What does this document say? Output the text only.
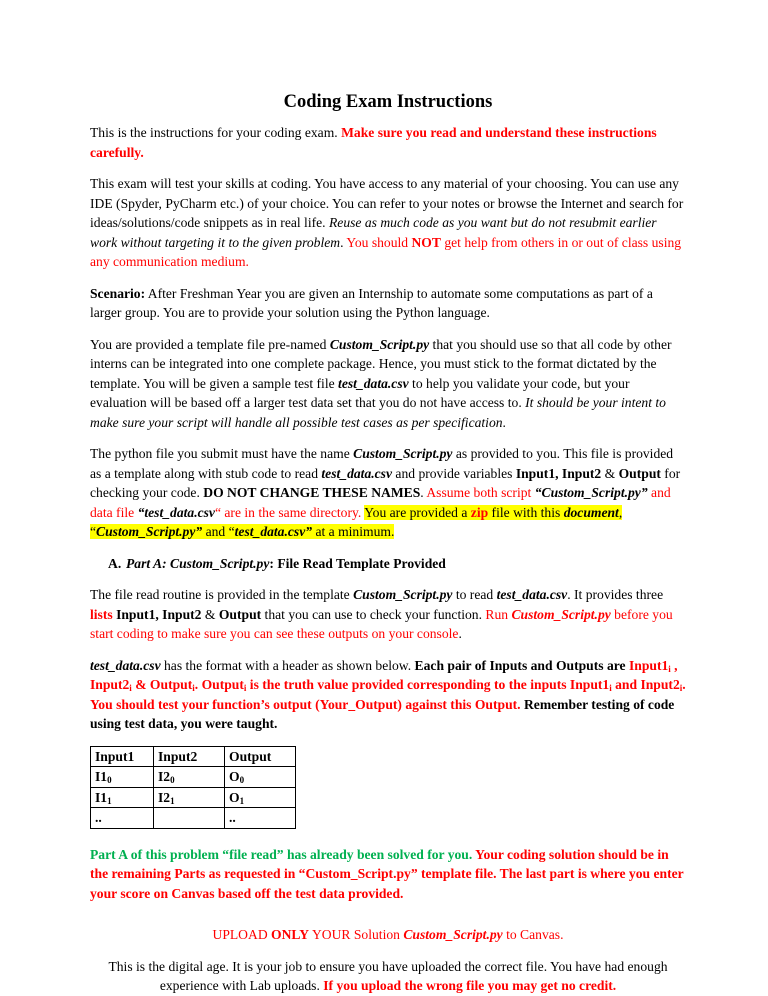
Coding Exam Instructions

This is the instructions for your coding exam. Make sure you read and understand these instructions carefully.

This exam will test your skills at coding. You have access to any material of your choosing. You can use any IDE (Spyder, PyCharm etc.) of your choice. You can refer to your notes or browse the Internet and search for ideas/solutions/code snippets as in real life. Reuse as much code as you want but do not resubmit earlier work without targeting it to the given problem. You should NOT get help from others in or out of class using any communication medium.

Scenario: After Freshman Year you are given an Internship to automate some computations as part of a larger group. You are to provide your solution using the Python language.

You are provided a template file pre-named Custom_Script.py that you should use so that all code by other interns can be integrated into one complete package. Hence, you must stick to the format dictated by the template. You will be given a sample test file test_data.csv to help you validate your code, but your evaluation will be based off a larger test data set that you do not have access to. It should be your intent to make sure your script will handle all possible test cases as per specification.

The python file you submit must have the name Custom_Script.py as provided to you. This file is provided as a template along with stub code to read test_data.csv and provide variables Input1, Input2 & Output for checking your code. DO NOT CHANGE THESE NAMES. Assume both script “Custom_Script.py” and data file “test_data.csv“ are in the same directory. You are provided a zip file with this document, “Custom_Script.py” and “test_data.csv” at a minimum.

A. Part A: Custom_Script.py: File Read Template Provided

The file read routine is provided in the template Custom_Script.py to read test_data.csv. It provides three lists Input1, Input2 & Output that you can use to check your function. Run Custom_Script.py before you start coding to make sure you can see these outputs on your console.

test_data.csv has the format with a header as shown below. Each pair of Inputs and Outputs are $Input1_i$ , $Input2_i$ & Output$_i$. Output$_i$ is the truth value provided corresponding to the inputs $Input1_i$ and $Input2_i$. You should test your function’s output (Your_Output) against this Output. Remember testing of code using test data, you were taught.

Input1	Input2	Output
$I1_0$	$I2_0$	$O_0$
$I1_1$	$I2_1$	$O_1$
..		..

Part A of this problem “file read” has already been solved for you. Your coding solution should be in the remaining Parts as requested in “Custom_Script.py” template file. The last part is where you enter your score on Canvas based off the test data provided.

UPLOAD ONLY YOUR Solution Custom_Script.py to Canvas.

This is the digital age. It is your job to ensure you have uploaded the correct file. You have had enough experience with Lab uploads. If you upload the wrong file you may get no credit.
